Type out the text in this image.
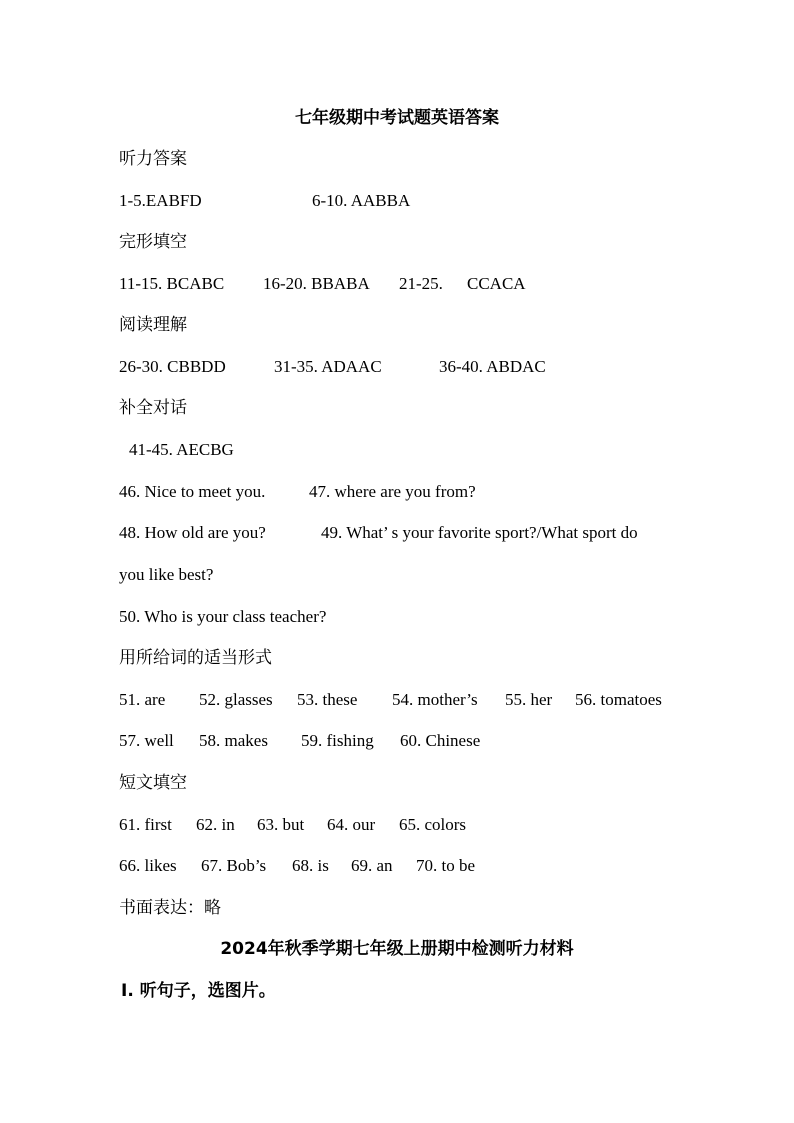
七年级期中考试题英语答案
听力答案

1-5.EABFD

	6-10. AABBA

完形填空

11-15. BCABC

16-20. BBABA

21-25.

CCACA

阅读理解

26-30. CBBDD

	31-35. ADAAC

	36-40. ABDAC

补全对话
41-45. AECBG

46. Nice to meet you.

	47. where are you from?

48. How old are you?

	49. What’ s your favorite sport?/What sport do

you like best?
50. Who is your class teacher?
用所给词的适当形式

51. are

52. glasses

53. these

54. mother’s

55. her

56. tomatoes

57. well

58. makes

59. fishing

60. Chinese

短文填空

61. first

62. in

63. but

64. our

65. colors

66. likes

67. Bob’s

68. is

69. an

70. to be

书面表达：略
2024年秋季学期七年级上册期中检测听力材料
Ⅰ. 听句子，选图片。
